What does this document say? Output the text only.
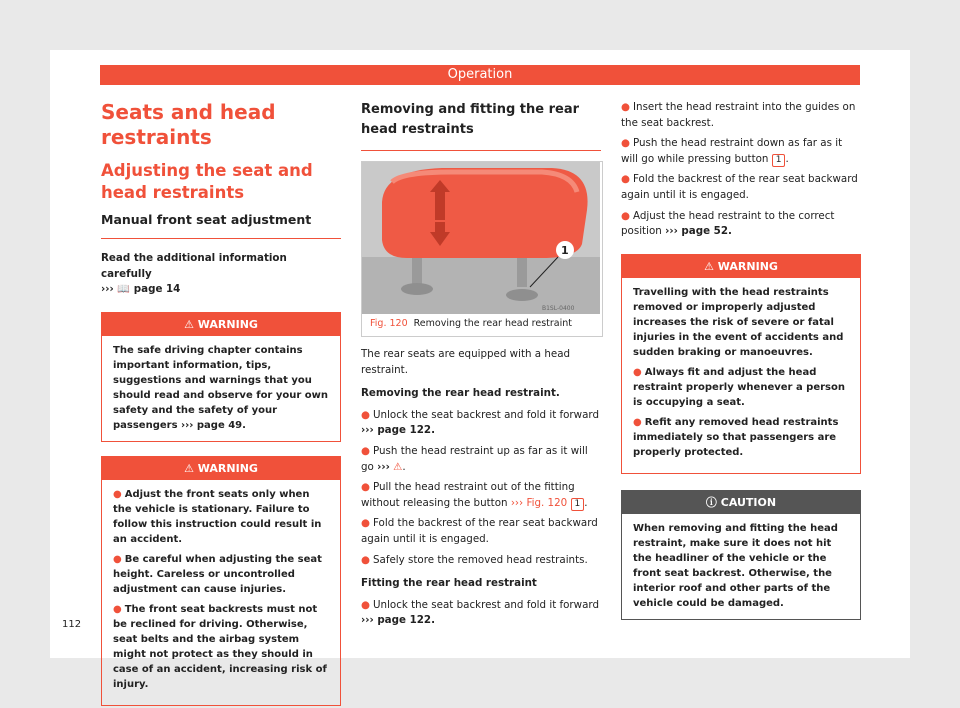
Operation
Seats and head restraints
Adjusting the seat and head restraints
Manual front seat adjustment

Read the additional information carefully
››› 📖 page 14

⚠ WARNING
The safe driving chapter contains important information, tips, suggestions and warnings that you should read and observe for your own safety and the safety of your passengers ››› page 49.
⚠ WARNING
● Adjust the front seats only when the vehicle is stationary. Failure to follow this instruction could result in an accident.
● Be careful when adjusting the seat height. Careless or uncontrolled adjustment can cause injuries.
● The front seat backrests must not be reclined for driving. Otherwise, seat belts and the airbag system might not protect as they should in case of an accident, increasing risk of injury.
Removing and fitting the rear head restraints
1
B1SL-0400
Fig. 120 Removing the rear head restraint

The rear seats are equipped with a head restraint.

Removing the rear head restraint.

● Unlock the seat backrest and fold it forward ››› page 122.
● Push the head restraint up as far as it will go ››› ⚠.
● Pull the head restraint out of the fitting without releasing the button ››› Fig. 120 1 .
● Fold the backrest of the rear seat backward again until it is engaged.
● Safely store the removed head restraints.

Fitting the rear head restraint

● Unlock the seat backrest and fold it forward ››› page 122.
● Insert the head restraint into the guides on the seat backrest.
● Push the head restraint down as far as it will go while pressing button 1 .
● Fold the backrest of the rear seat backward again until it is engaged.
● Adjust the head restraint to the correct position ››› page 52.
⚠ WARNING
Travelling with the head restraints removed or improperly adjusted increases the risk of severe or fatal injuries in the event of accidents and sudden braking or manoeuvres.
● Always fit and adjust the head restraint properly whenever a person is occupying a seat.
● Refit any removed head restraints immediately so that passengers are properly protected.
ⓘ CAUTION
When removing and fitting the head restraint, make sure it does not hit the headliner of the vehicle or the front seat backrest. Otherwise, the interior roof and other parts of the vehicle could be damaged.
112
